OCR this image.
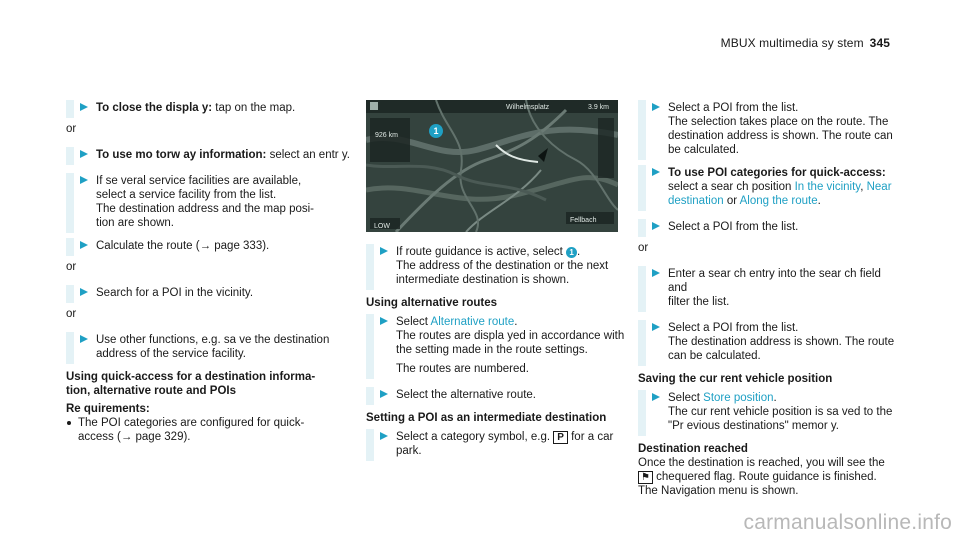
MBUX multimedia sy stem 345
To close the displa y: tap on the map.
or
To use mo torw ay information: select an entr y.
If se veral service facilities are available,
select a service facility from the list.
The destination address and the map posi‐
tion are shown.
Calculate the route (→ page 333).
or
Search for a POI in the vicinity.
or
Use other functions, e.g. sa ve the destination
address of the service facility.
Using quick-access for a destination informa‐
tion, alternative route and POIs
Re quirements:
The POI categories are configured for quick-
access (→ page 329).
Wilhelmsplatz	3.9 km
926 km
Fellbach
LOW
1
If route guidance is active, select 1 .
The address of the destination or the next
intermediate destination is shown.
Using alternative routes
Select Alternative route.
The routes are displa yed in accordance with
the setting made in the route settings.
The routes are numbered.
Select the alternative route.
Setting a POI as an intermediate destination
Select a category symbol, e.g. P for a car
park.
Select a POI from the list.
The selection takes place on the route. The
destination address is shown. The route can
be calculated.
To use POI categories for quick-access:
select a sear ch position In the vicinity, Near
destination or Along the route.
Select a POI from the list.
or
Enter a sear ch entry into the sear ch field and
filter the list.
Select a POI from the list.
The destination address is shown. The route
can be calculated.
Saving the cur rent vehicle position
Select Store position.
The cur rent vehicle position is sa ved to the
"Pr evious destinations" memor y.
Destination reached
Once the destination is reached, you will see the
⚑ chequered flag. Route guidance is finished.
The Navigation menu is shown.
carmanualsonline.info
